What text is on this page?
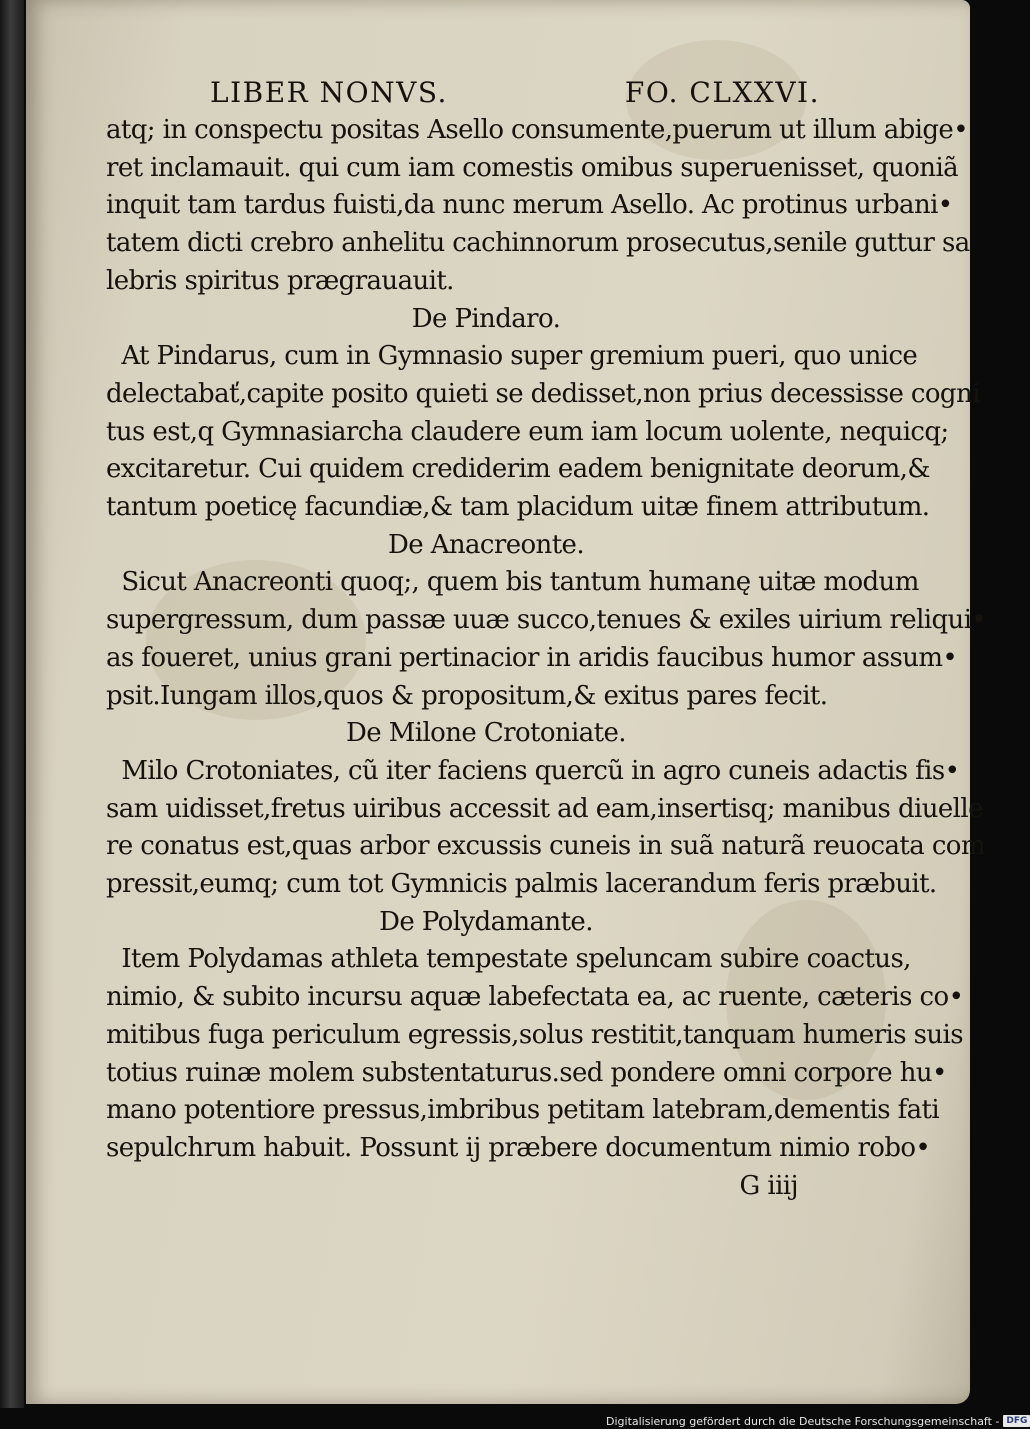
LIBER NONVS.	FO. CLXXVI.
atq; in conspectu positas Asello consumente,puerum ut illum abige•
ret inclamauit. qui cum iam comestis omibus superuenisset, quoniã
inquit tam tardus fuisti,da nunc merum Asello. Ac protinus urbani•
tatem dicti crebro anhelitu cachinnorum prosecutus,senile guttur sa
lebris spiritus prægrauauit.
De Pindaro.
At Pindarus, cum in Gymnasio super gremium pueri, quo unice
delectabať,capite posito quieti se dedisset,non prius decessisse cogni
tus est,q Gymnasiarcha claudere eum iam locum uolente, nequicq;
excitaretur. Cui quidem crediderim eadem benignitate deorum,&
tantum poeticę facundiæ,& tam placidum uitæ finem attributum.
De Anacreonte.
Sicut Anacreonti quoq;, quem bis tantum humanę uitæ modum
supergressum, dum passæ uuæ succo,tenues & exiles uirium reliqui•
as foueret, unius grani pertinacior in aridis faucibus humor assum•
psit.Iungam illos,quos & propositum,& exitus pares fecit.
De Milone Crotoniate.
Milo Crotoniates, cũ iter faciens quercũ in agro cuneis adactis fis•
sam uidisset,fretus uiribus accessit ad eam,insertisq; manibus diuelle
re conatus est,quas arbor excussis cuneis in suã naturã reuocata com
pressit,eumq; cum tot Gymnicis palmis lacerandum feris præbuit.
De Polydamante.
Item Polydamas athleta tempestate speluncam subire coactus,
nimio, & subito incursu aquæ labefectata ea, ac ruente, cæteris co•
mitibus fuga periculum egressis,solus restitit,tanquam humeris suis
totius ruinæ molem substentaturus.sed pondere omni corpore hu•
mano potentiore pressus,imbribus petitam latebram,dementis fati
sepulchrum habuit. Possunt ij præbere documentum nimio robo•
G iiij
Digitalisierung gefördert durch die Deutsche Forschungsgemeinschaft - DFG
